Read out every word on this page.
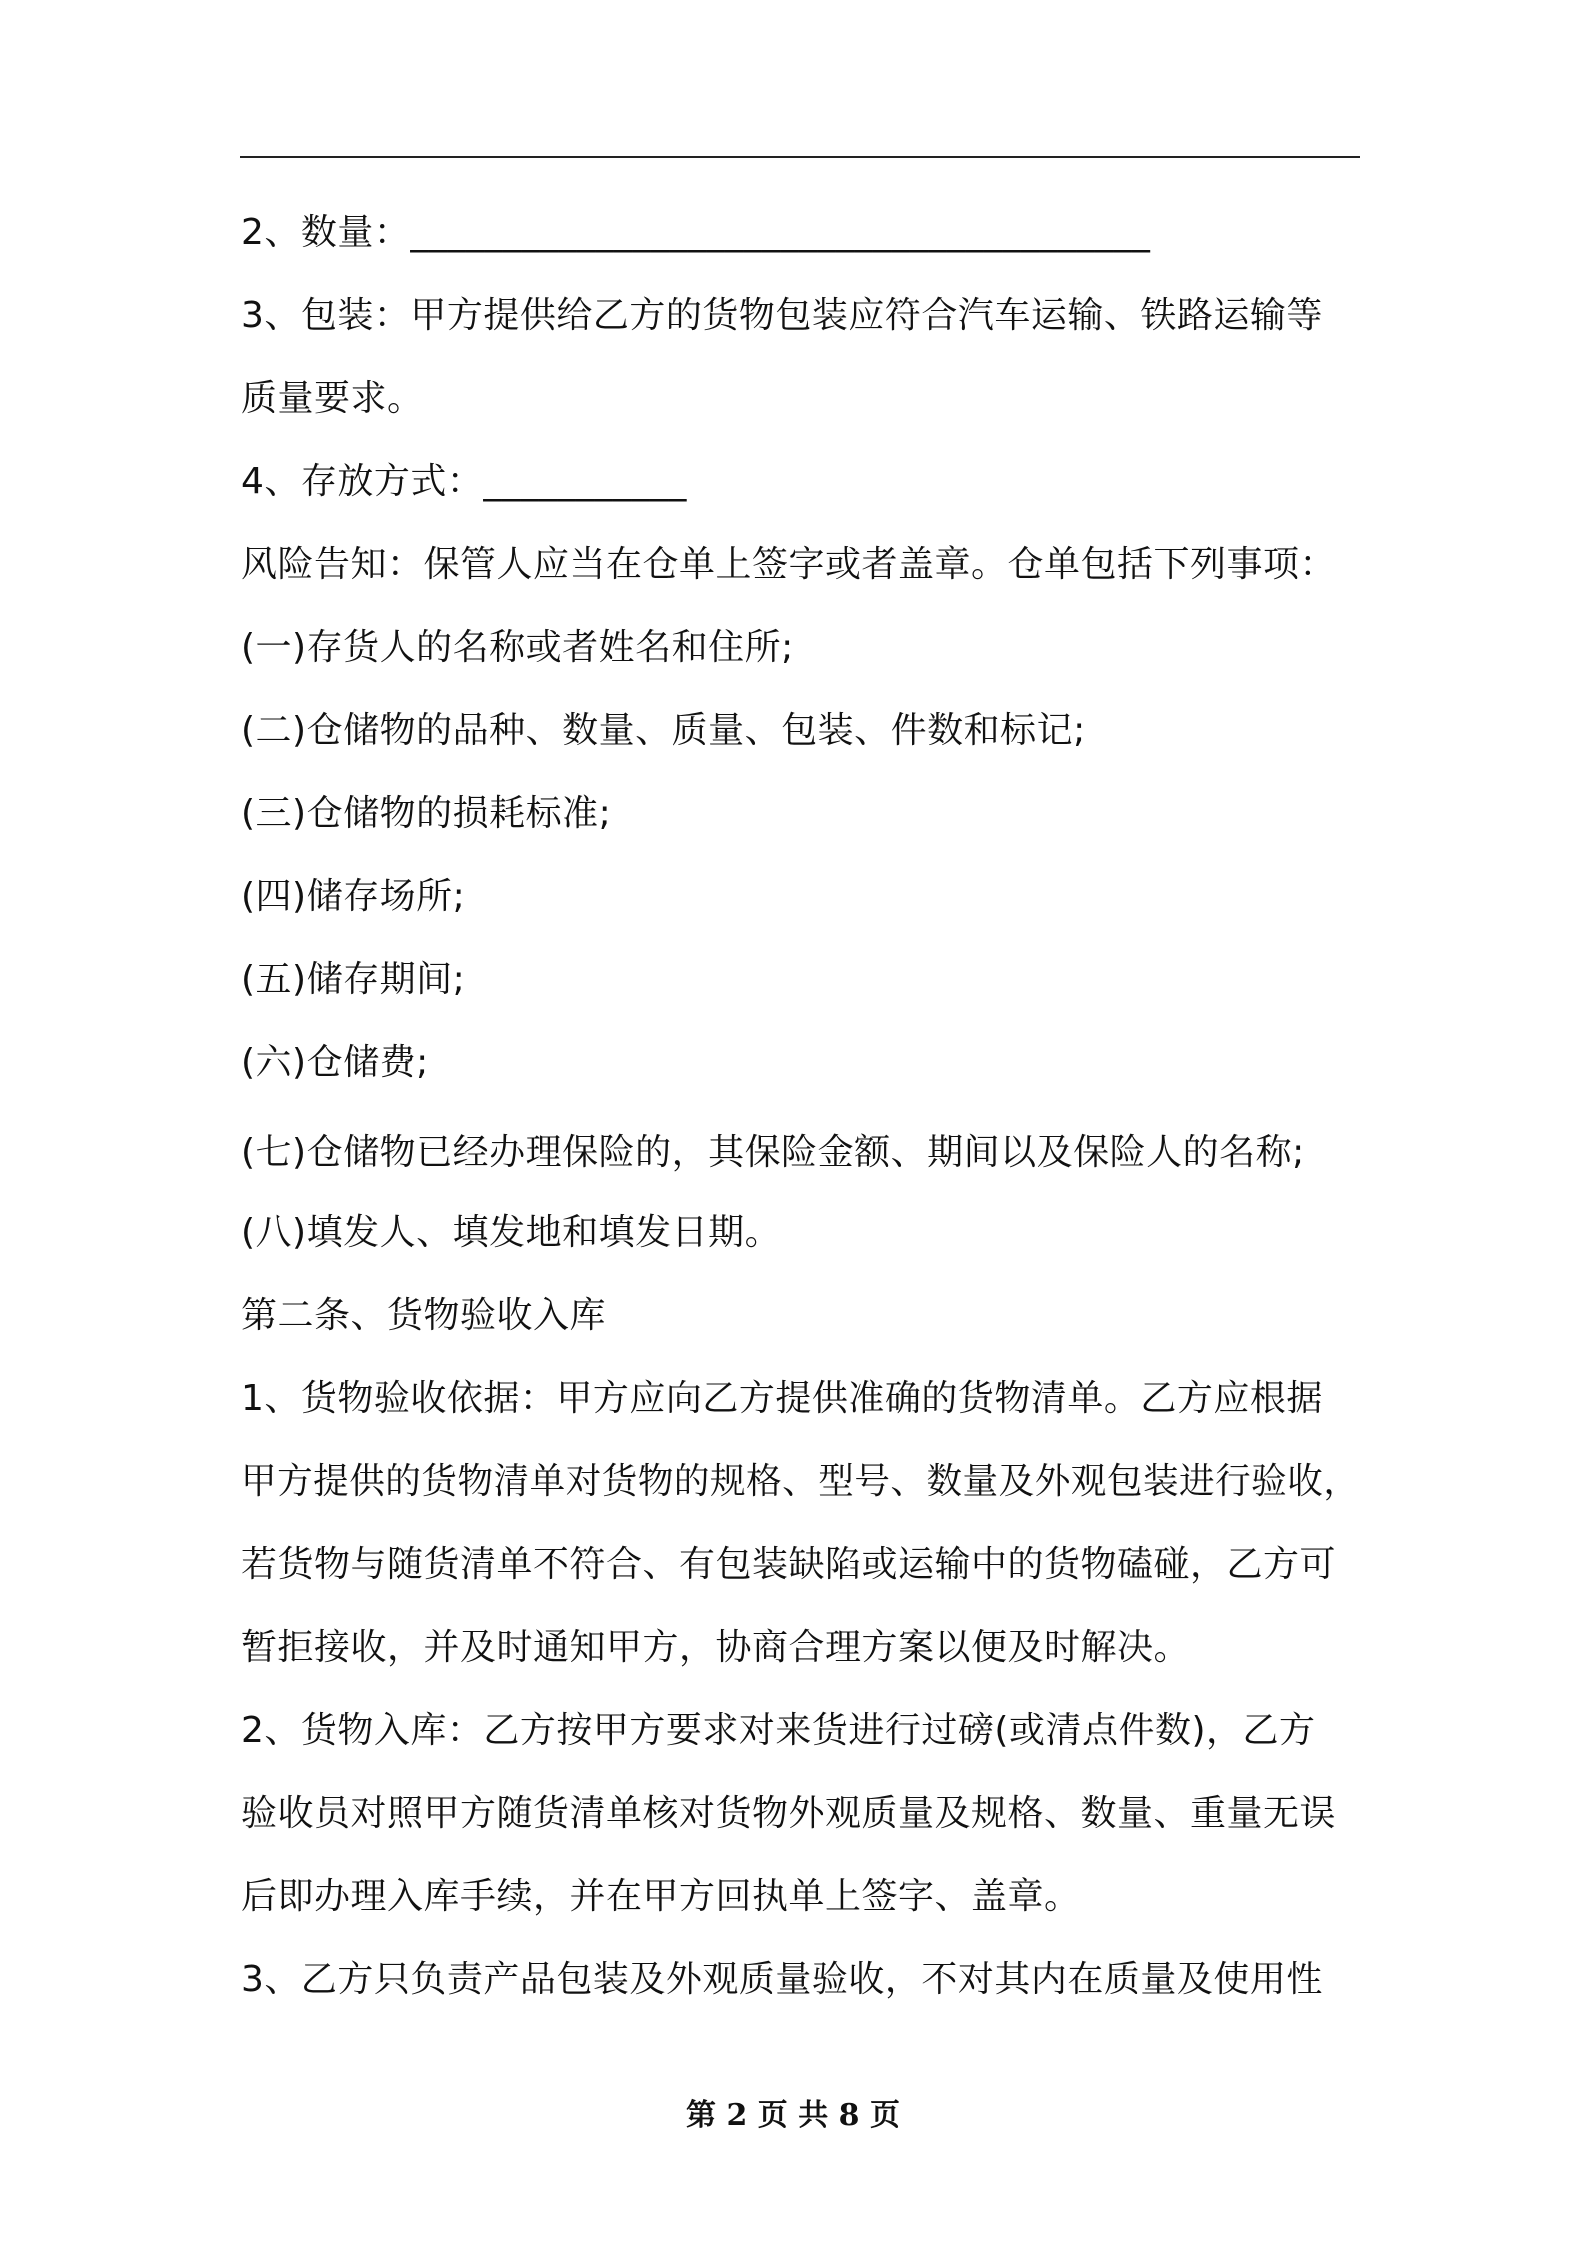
2、数量：________________________________________
3、包装：甲方提供给乙方的货物包装应符合汽车运输、铁路运输等
质量要求。
4、存放方式：___________
风险告知：保管人应当在仓单上签字或者盖章。仓单包括下列事项：
(一)存货人的名称或者姓名和住所;
(二)仓储物的品种、数量、质量、包装、件数和标记;
(三)仓储物的损耗标准;
(四)储存场所;
(五)储存期间;
(六)仓储费;
(七)仓储物已经办理保险的，其保险金额、期间以及保险人的名称;
(八)填发人、填发地和填发日期。
第二条、货物验收入库
1、货物验收依据：甲方应向乙方提供准确的货物清单。乙方应根据
甲方提供的货物清单对货物的规格、型号、数量及外观包装进行验收，
若货物与随货清单不符合、有包装缺陷或运输中的货物磕碰，乙方可
暂拒接收，并及时通知甲方，协商合理方案以便及时解决。
2、货物入库：乙方按甲方要求对来货进行过磅(或清点件数)，乙方
验收员对照甲方随货清单核对货物外观质量及规格、数量、重量无误
后即办理入库手续，并在甲方回执单上签字、盖章。
3、乙方只负责产品包装及外观质量验收，不对其内在质量及使用性
第 2 页 共 8 页
